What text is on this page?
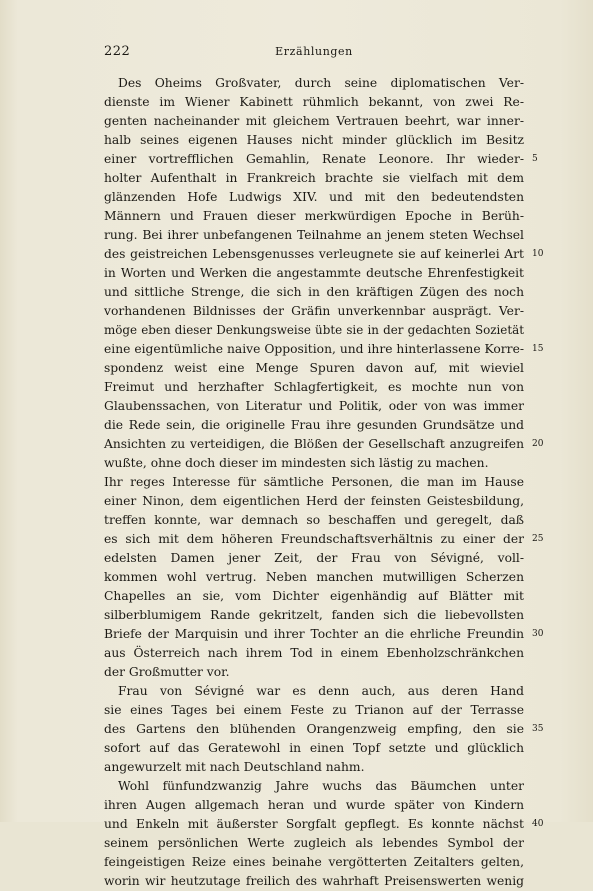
222	Erzählungen
Des Oheims Großvater, durch seine diplomatischen Ver-
dienste im Wiener Kabinett rühmlich bekannt, von zwei Re-
genten nacheinander mit gleichem Vertrauen beehrt, war inner-
halb seines eigenen Hauses nicht minder glücklich im Besitz
einer vortrefflichen Gemahlin, Renate Leonore. Ihr wieder- 5
holter Aufenthalt in Frankreich brachte sie vielfach mit dem
glänzenden Hofe Ludwigs XIV. und mit den bedeutendsten
Männern und Frauen dieser merkwürdigen Epoche in Berüh-
rung. Bei ihrer unbefangenen Teilnahme an jenem steten Wechsel
des geistreichen Lebensgenusses verleugnete sie auf keinerlei Art 10
in Worten und Werken die angestammte deutsche Ehrenfestigkeit
und sittliche Strenge, die sich in den kräftigen Zügen des noch
vorhandenen Bildnisses der Gräfin unverkennbar ausprägt. Ver-
möge eben dieser Denkungsweise übte sie in der gedachten Sozietät
eine eigentümliche naive Opposition, und ihre hinterlassene Korre- 15
spondenz weist eine Menge Spuren davon auf, mit wieviel
Freimut und herzhafter Schlagfertigkeit, es mochte nun von
Glaubenssachen, von Literatur und Politik, oder von was immer
die Rede sein, die originelle Frau ihre gesunden Grundsätze und
Ansichten zu verteidigen, die Blößen der Gesellschaft anzugreifen 20
wußte, ohne doch dieser im mindesten sich lästig zu machen.
Ihr reges Interesse für sämtliche Personen, die man im Hause
einer Ninon, dem eigentlichen Herd der feinsten Geistesbildung,
treffen konnte, war demnach so beschaffen und geregelt, daß
es sich mit dem höheren Freundschaftsverhältnis zu einer der 25
edelsten Damen jener Zeit, der Frau von Sévigné, voll-
kommen wohl vertrug. Neben manchen mutwilligen Scherzen
Chapelles an sie, vom Dichter eigenhändig auf Blätter mit
silberblumigem Rande gekritzelt, fanden sich die liebevollsten
Briefe der Marquisin und ihrer Tochter an die ehrliche Freundin 30
aus Österreich nach ihrem Tod in einem Ebenholzschränkchen
der Großmutter vor.
Frau von Sévigné war es denn auch, aus deren Hand
sie eines Tages bei einem Feste zu Trianon auf der Terrasse
des Gartens den blühenden Orangenzweig empfing, den sie 35
sofort auf das Geratewohl in einen Topf setzte und glücklich
angewurzelt mit nach Deutschland nahm.
Wohl fünfundzwanzig Jahre wuchs das Bäumchen unter
ihren Augen allgemach heran und wurde später von Kindern
und Enkeln mit äußerster Sorgfalt gepflegt. Es konnte nächst 40
seinem persönlichen Werte zugleich als lebendes Symbol der
feingeistigen Reize eines beinahe vergötterten Zeitalters gelten,
worin wir heutzutage freilich des wahrhaft Preisenswerten wenig
